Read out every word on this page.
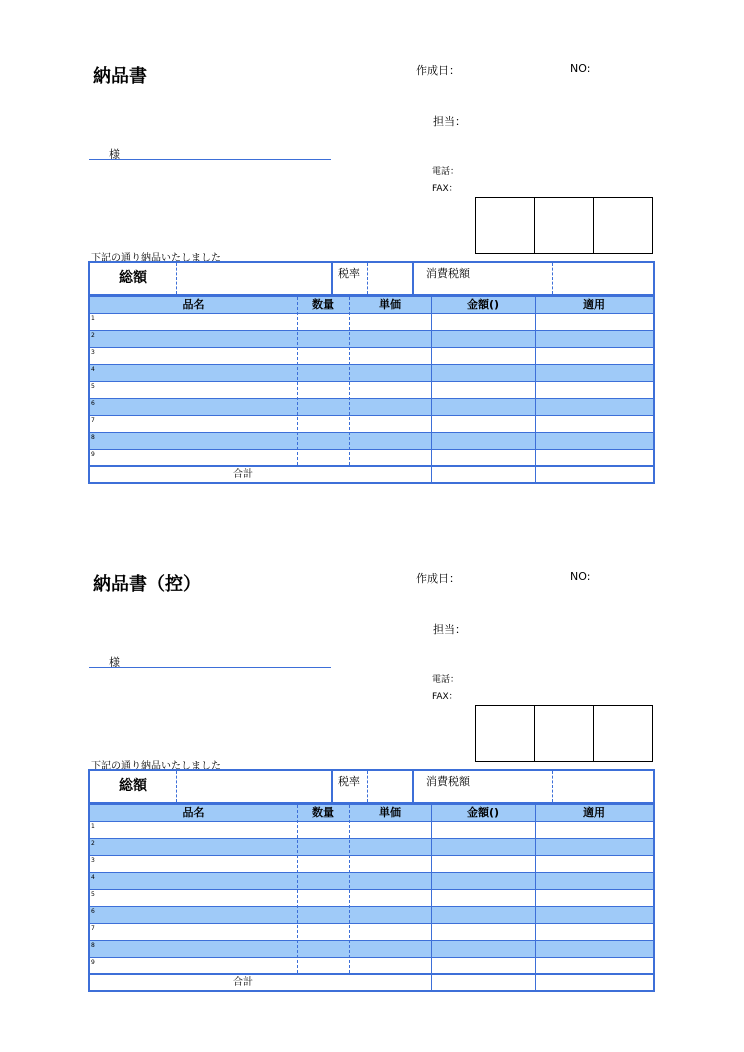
納品書	作成日：	NO:
担当：
様
電話：
FAX：
下記の通り納品いたしました
総額	税率	消費税額
品名	数量	単価	金額()	適用
1
2
3
4
5
6
7
8
9
合計
納品書（控）	作成日：	NO:
担当：
様
電話：
FAX：
下記の通り納品いたしました
総額	税率	消費税額
品名	数量	単価	金額()	適用
1
2
3
4
5
6
7
8
9
合計
